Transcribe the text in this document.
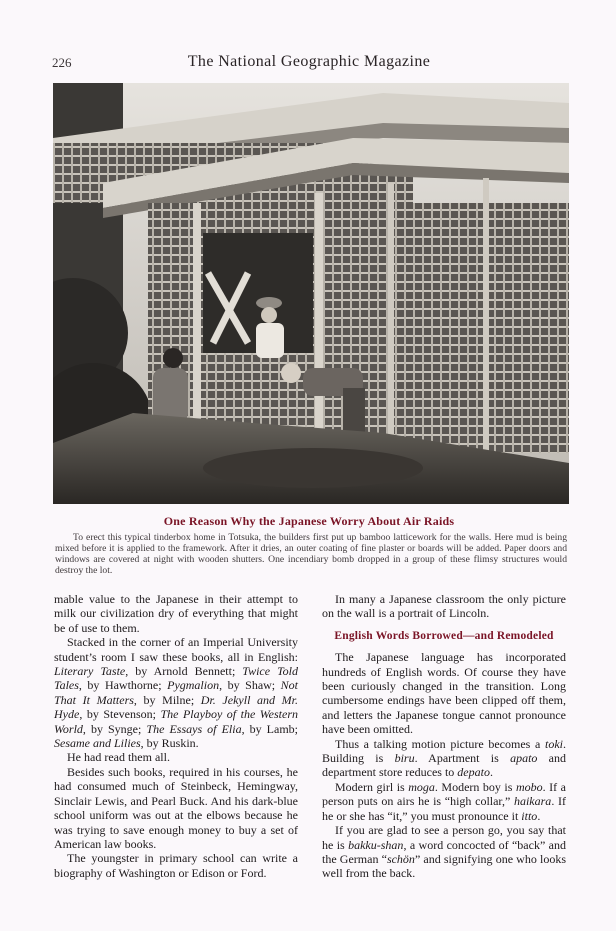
226	The National Geographic Magazine
One Reason Why the Japanese Worry About Air Raids
To erect this typical tinderbox home in Totsuka, the builders first put up bamboo latticework for the walls. Here mud is being mixed before it is applied to the framework. After it dries, an outer coating of fine plaster or boards will be added. Paper doors and windows are covered at night with wooden shutters. One incendiary bomb dropped in a group of these flimsy structures would destroy the lot.

mable value to the Japanese in their attempt to milk our civilization dry of everything that might be of use to them.

Stacked in the corner of an Imperial University student’s room I saw these books, all in English: Literary Taste, by Arnold Bennett; Twice Told Tales, by Hawthorne; Pygmalion, by Shaw; Not That It Matters, by Milne; Dr. Jekyll and Mr. Hyde, by Stevenson; The Playboy of the Western World, by Synge; The Essays of Elia, by Lamb; Sesame and Lilies, by Ruskin.

He had read them all.

Besides such books, required in his courses, he had consumed much of Steinbeck, Hemingway, Sinclair Lewis, and Pearl Buck. And his dark-blue school uniform was out at the elbows because he was trying to save enough money to buy a set of American law books.

The youngster in primary school can write a biography of Washington or Edison or Ford.

In many a Japanese classroom the only picture on the wall is a portrait of Lincoln.

English Words Borrowed—and Remodeled

The Japanese language has incorporated hundreds of English words. Of course they have been curiously changed in the transition. Long cumbersome endings have been clipped off them, and letters the Japanese tongue cannot pronounce have been omitted.

Thus a talking motion picture becomes a toki. Building is biru. Apartment is apato and department store reduces to depato.

Modern girl is moga. Modern boy is mobo. If a person puts on airs he is “high collar,” haikara. If he or she has “it,” you must pronounce it itto.

If you are glad to see a person go, you say that he is bakku-shan, a word concocted of “back” and the German “schön” and signifying one who looks well from the back.
